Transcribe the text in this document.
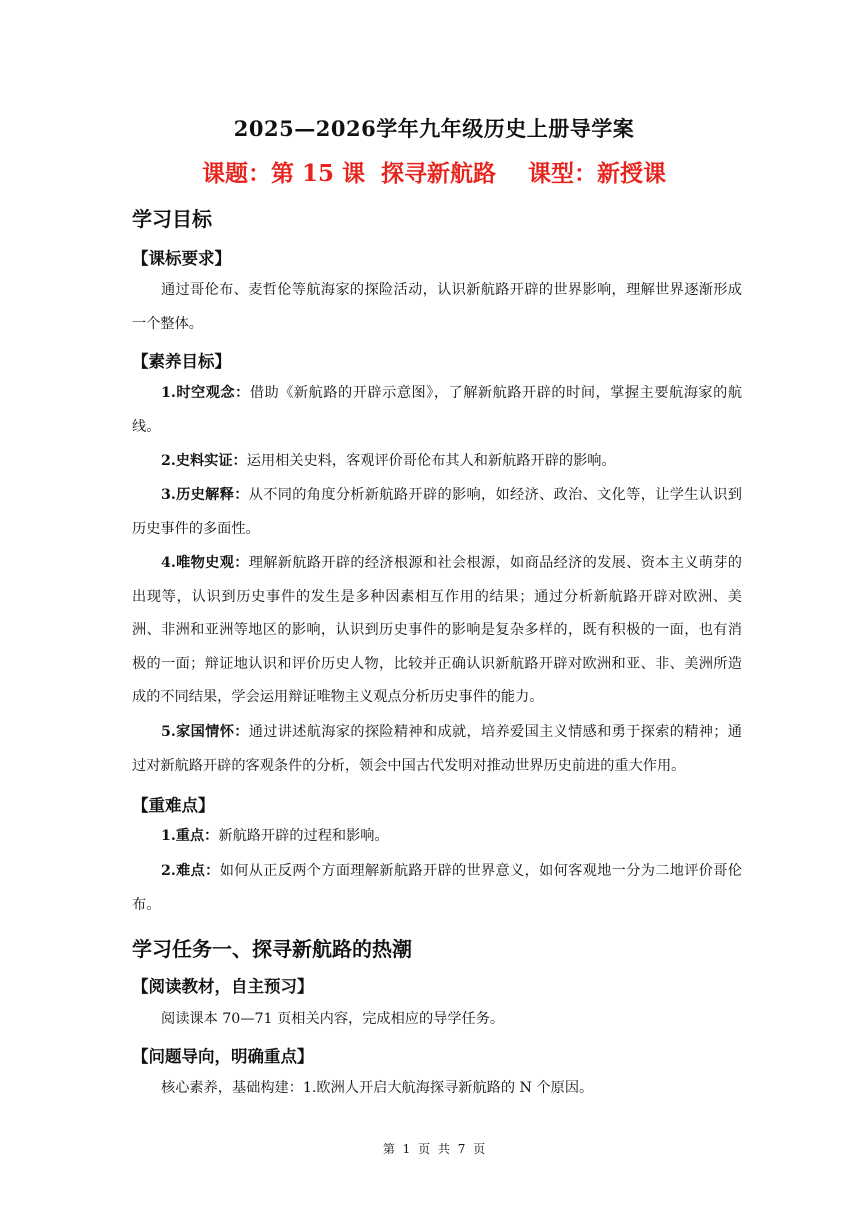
2025—2026学年九年级历史上册导学案
课题：第 15 课  探寻新航路    课型：新授课
学习目标
【课标要求】
通过哥伦布、麦哲伦等航海家的探险活动，认识新航路开辟的世界影响，理解世界逐渐形成一个整体。
【素养目标】
1.时空观念：借助《新航路的开辟示意图》，了解新航路开辟的时间，掌握主要航海家的航线。
2.史料实证：运用相关史料，客观评价哥伦布其人和新航路开辟的影响。
3.历史解释：从不同的角度分析新航路开辟的影响，如经济、政治、文化等，让学生认识到历史事件的多面性。
4.唯物史观：理解新航路开辟的经济根源和社会根源，如商品经济的发展、资本主义萌芽的出现等，认识到历史事件的发生是多种因素相互作用的结果；通过分析新航路开辟对欧洲、美洲、非洲和亚洲等地区的影响，认识到历史事件的影响是复杂多样的，既有积极的一面，也有消极的一面；辩证地认识和评价历史人物，比较并正确认识新航路开辟对欧洲和亚、非、美洲所造成的不同结果，学会运用辩证唯物主义观点分析历史事件的能力。
5.家国情怀：通过讲述航海家的探险精神和成就，培养爱国主义情感和勇于探索的精神；通过对新航路开辟的客观条件的分析，领会中国古代发明对推动世界历史前进的重大作用。
【重难点】
1.重点：新航路开辟的过程和影响。
2.难点：如何从正反两个方面理解新航路开辟的世界意义，如何客观地一分为二地评价哥伦布。
学习任务一、探寻新航路的热潮
【阅读教材，自主预习】
阅读课本 70—71 页相关内容，完成相应的导学任务。
【问题导向，明确重点】
核心素养，基础构建：1.欧洲人开启大航海探寻新航路的 N 个原因。
第 1 页 共 7 页
